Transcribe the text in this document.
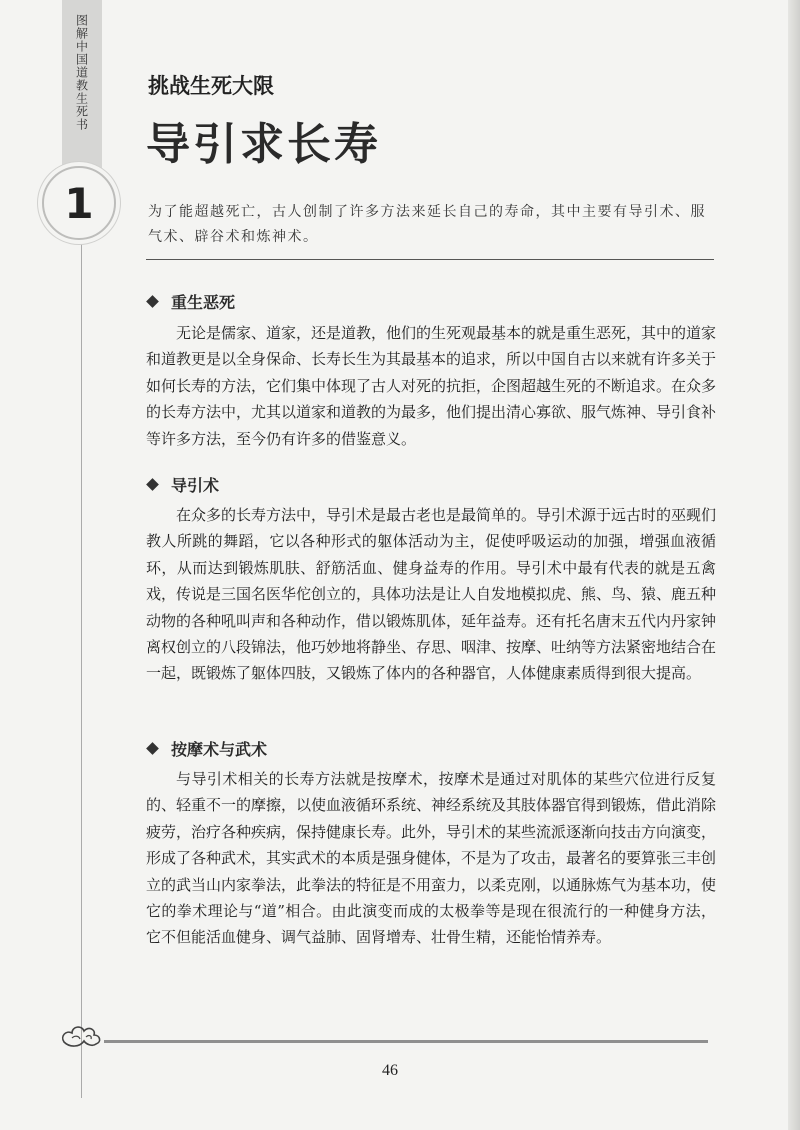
图解中国道教生死书
1
挑战生死大限
导引求长寿
为了能超越死亡，古人创制了许多方法来延长自己的寿命，其中主要有导引术、服气术、辟谷术和炼神术。
重生恶死
无论是儒家、道家，还是道教，他们的生死观最基本的就是重生恶死，其中的道家和道教更是以全身保命、长寿长生为其最基本的追求，所以中国自古以来就有许多关于如何长寿的方法，它们集中体现了古人对死的抗拒，企图超越生死的不断追求。在众多的长寿方法中，尤其以道家和道教的为最多，他们提出清心寡欲、服气炼神、导引食补等许多方法，至今仍有许多的借鉴意义。
导引术
在众多的长寿方法中，导引术是最古老也是最简单的。导引术源于远古时的巫觋们教人所跳的舞蹈，它以各种形式的躯体活动为主，促使呼吸运动的加强，增强血液循环，从而达到锻炼肌肤、舒筋活血、健身益寿的作用。导引术中最有代表的就是五禽戏，传说是三国名医华佗创立的，具体功法是让人自发地模拟虎、熊、鸟、猿、鹿五种动物的各种吼叫声和各种动作，借以锻炼肌体，延年益寿。还有托名唐末五代内丹家钟离权创立的八段锦法，他巧妙地将静坐、存思、咽津、按摩、吐纳等方法紧密地结合在一起，既锻炼了躯体四肢，又锻炼了体内的各种器官，人体健康素质得到很大提高。
按摩术与武术
与导引术相关的长寿方法就是按摩术，按摩术是通过对肌体的某些穴位进行反复的、轻重不一的摩擦，以使血液循环系统、神经系统及其肢体器官得到锻炼，借此消除疲劳，治疗各种疾病，保持健康长寿。此外，导引术的某些流派逐渐向技击方向演变，形成了各种武术，其实武术的本质是强身健体，不是为了攻击，最著名的要算张三丰创立的武当山内家拳法，此拳法的特征是不用蛮力，以柔克刚，以通脉炼气为基本功，使它的拳术理论与“道”相合。由此演变而成的太极拳等是现在很流行的一种健身方法，它不但能活血健身、调气益肺、固肾增寿、壮骨生精，还能怡情养寿。
46
